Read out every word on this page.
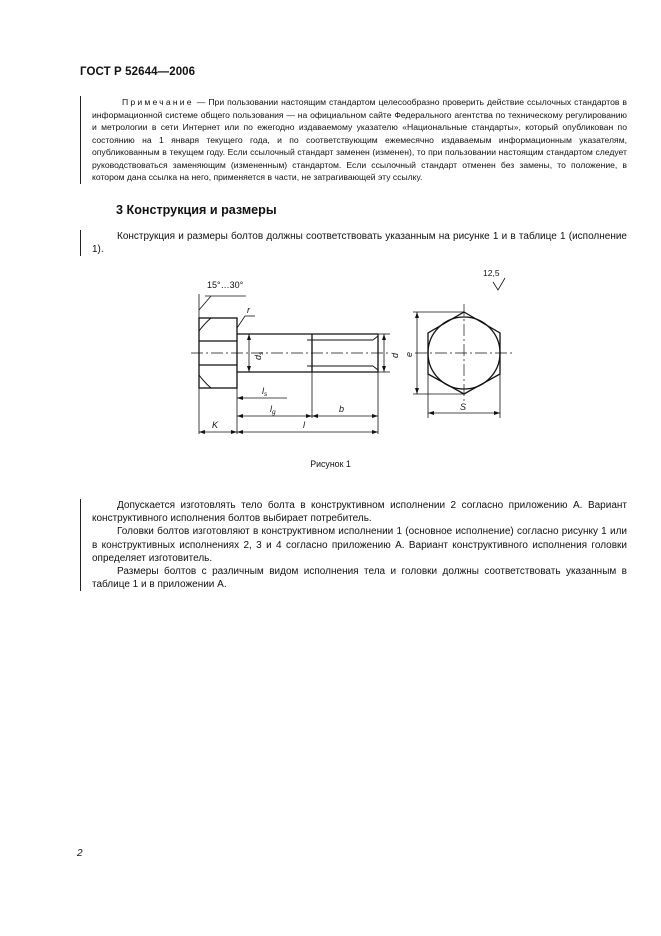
ГОСТ Р 52644—2006
Примечание — При пользовании настоящим стандартом целесообразно проверить действие ссылочных стандартов в информационной системе общего пользования — на официальном сайте Федерального агентства по техническому регулированию и метрологии в сети Интернет или по ежегодно издаваемому указателю «Национальные стандарты», который опубликован по состоянию на 1 января текущего года, и по соответствующим ежемесячно издаваемым информационным указателям, опубликованным в текущем году. Если ссылочный стандарт заменен (изменен), то при пользовании настоящим стандартом следует руководствоваться заменяющим (измененным) стандартом. Если ссылочный стандарт отменен без замены, то положение, в котором дана ссылка на него, применяется в части, не затрагивающей эту ссылку.
3 Конструкция и размеры

Конструкция и размеры болтов должны соответствовать указанным на рисунке 1 и в таблице 1 (исполнение 1).

15°…30°
r
$d_s$	d
$l_s$
$l_g$	b
K	l
e
S
12,5
Рисунок 1

Допускается изготовлять тело болта в конструктивном исполнении 2 согласно приложению А. Вариант конструктивного исполнения болтов выбирает потребитель.

Головки болтов изготовляют в конструктивном исполнении 1 (основное исполнение) согласно рисунку 1 или в конструктивных исполнениях 2, 3 и 4 согласно приложению А. Вариант конструктивного исполнения головки определяет изготовитель.

Размеры болтов с различным видом исполнения тела и головки должны соответствовать указанным в таблице 1 и в приложении А.

2
